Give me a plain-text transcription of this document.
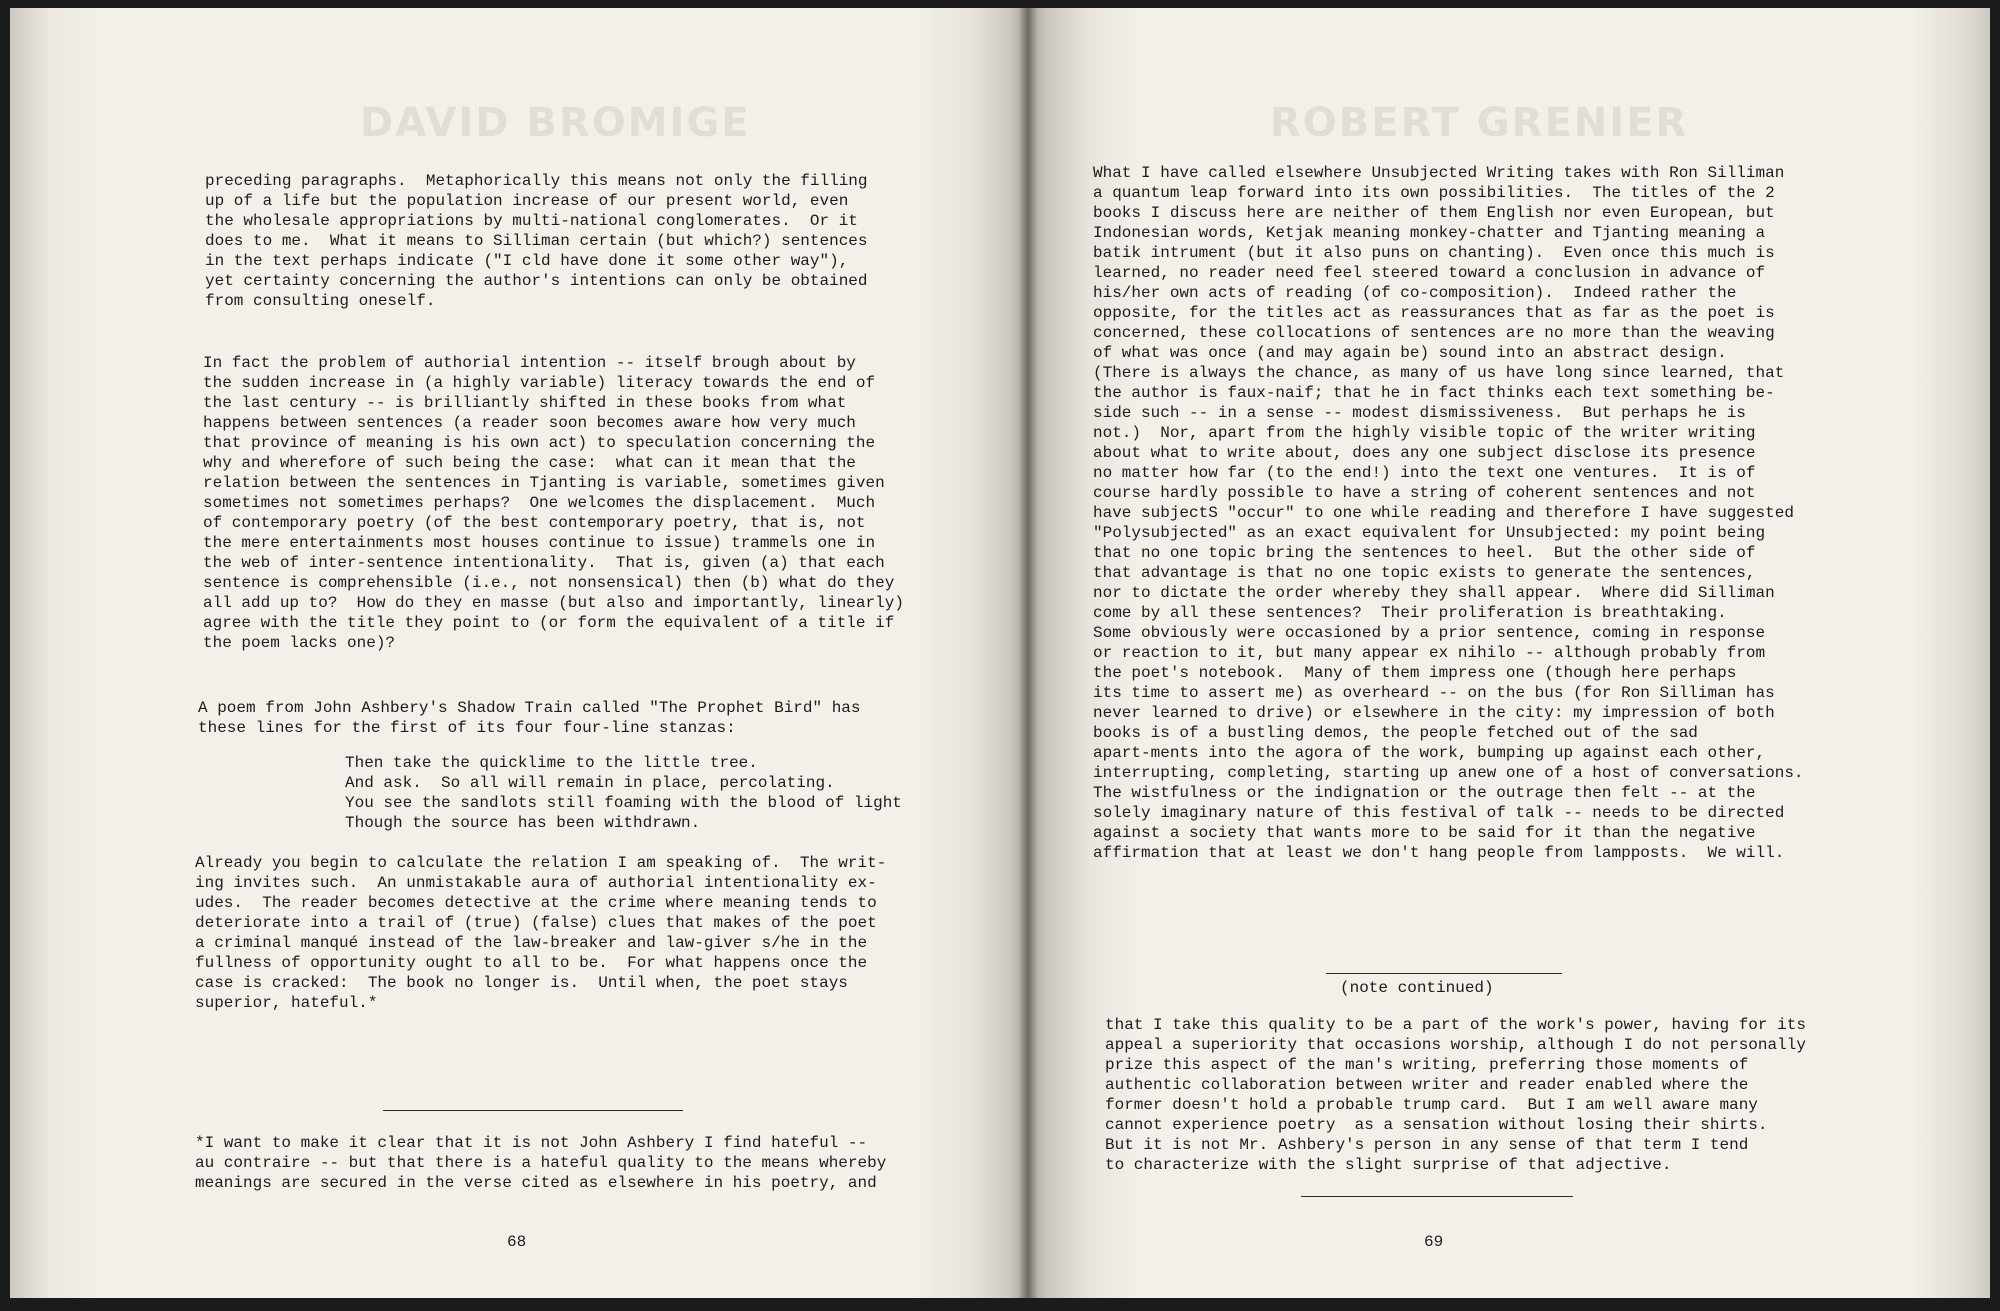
DAVID BROMIGE
preceding paragraphs.  Metaphorically this means not only the filling
up of a life but the population increase of our present world, even
the wholesale appropriations by multi-national conglomerates.  Or it
does to me.  What it means to Silliman certain (but which?) sentences
in the text perhaps indicate ("I cld have done it some other way"),
yet certainty concerning the author's intentions can only be obtained
from consulting oneself.
In fact the problem of authorial intention -- itself brough about by
the sudden increase in (a highly variable) literacy towards the end of
the last century -- is brilliantly shifted in these books from what
happens between sentences (a reader soon becomes aware how very much
that province of meaning is his own act) to speculation concerning the
why and wherefore of such being the case:  what can it mean that the
relation between the sentences in Tjanting is variable, sometimes given
sometimes not sometimes perhaps?  One welcomes the displacement.  Much
of contemporary poetry (of the best contemporary poetry, that is, not
the mere entertainments most houses continue to issue) trammels one in
the web of inter-sentence intentionality.  That is, given (a) that each
sentence is comprehensible (i.e., not nonsensical) then (b) what do they
all add up to?  How do they en masse (but also and importantly, linearly)
agree with the title they point to (or form the equivalent of a title if
the poem lacks one)?
A poem from John Ashbery's Shadow Train called "The Prophet Bird" has
these lines for the first of its four four-line stanzas:
Then take the quicklime to the little tree.
And ask.  So all will remain in place, percolating.
You see the sandlots still foaming with the blood of light
Though the source has been withdrawn.
Already you begin to calculate the relation I am speaking of.  The writ-
ing invites such.  An unmistakable aura of authorial intentionality ex-
udes.  The reader becomes detective at the crime where meaning tends to
deteriorate into a trail of (true) (false) clues that makes of the poet
a criminal manqué instead of the law-breaker and law-giver s/he in the
fullness of opportunity ought to all to be.  For what happens once the
case is cracked:  The book no longer is.  Until when, the poet stays
superior, hateful.*
*I want to make it clear that it is not John Ashbery I find hateful --
au contraire -- but that there is a hateful quality to the means whereby
meanings are secured in the verse cited as elsewhere in his poetry, and
68
ROBERT GRENIER
What I have called elsewhere Unsubjected Writing takes with Ron Silliman
a quantum leap forward into its own possibilities.  The titles of the 2
books I discuss here are neither of them English nor even European, but
Indonesian words, Ketjak meaning monkey-chatter and Tjanting meaning a
batik intrument (but it also puns on chanting).  Even once this much is
learned, no reader need feel steered toward a conclusion in advance of
his/her own acts of reading (of co-composition).  Indeed rather the
opposite, for the titles act as reassurances that as far as the poet is
concerned, these collocations of sentences are no more than the weaving
of what was once (and may again be) sound into an abstract design.
(There is always the chance, as many of us have long since learned, that
the author is faux-naif; that he in fact thinks each text something be-
side such -- in a sense -- modest dismissiveness.  But perhaps he is
not.)  Nor, apart from the highly visible topic of the writer writing
about what to write about, does any one subject disclose its presence
no matter how far (to the end!) into the text one ventures.  It is of
course hardly possible to have a string of coherent sentences and not
have subjectS "occur" to one while reading and therefore I have suggested
"Polysubjected" as an exact equivalent for Unsubjected: my point being
that no one topic bring the sentences to heel.  But the other side of
that advantage is that no one topic exists to generate the sentences,
nor to dictate the order whereby they shall appear.  Where did Silliman
come by all these sentences?  Their proliferation is breathtaking.
Some obviously were occasioned by a prior sentence, coming in response
or reaction to it, but many appear ex nihilo -- although probably from
the poet's notebook.  Many of them impress one (though here perhaps
its time to assert me) as overheard -- on the bus (for Ron Silliman has
never learned to drive) or elsewhere in the city: my impression of both
books is of a bustling demos, the people fetched out of the sad
apart-ments into the agora of the work, bumping up against each other,
interrupting, completing, starting up anew one of a host of conversations.
The wistfulness or the indignation or the outrage then felt -- at the
solely imaginary nature of this festival of talk -- needs to be directed
against a society that wants more to be said for it than the negative
affirmation that at least we don't hang people from lampposts.  We will.
(note continued)
that I take this quality to be a part of the work's power, having for its
appeal a superiority that occasions worship, although I do not personally
prize this aspect of the man's writing, preferring those moments of
authentic collaboration between writer and reader enabled where the
former doesn't hold a probable trump card.  But I am well aware many
cannot experience poetry  as a sensation without losing their shirts.
But it is not Mr. Ashbery's person in any sense of that term I tend
to characterize with the slight surprise of that adjective.
69
